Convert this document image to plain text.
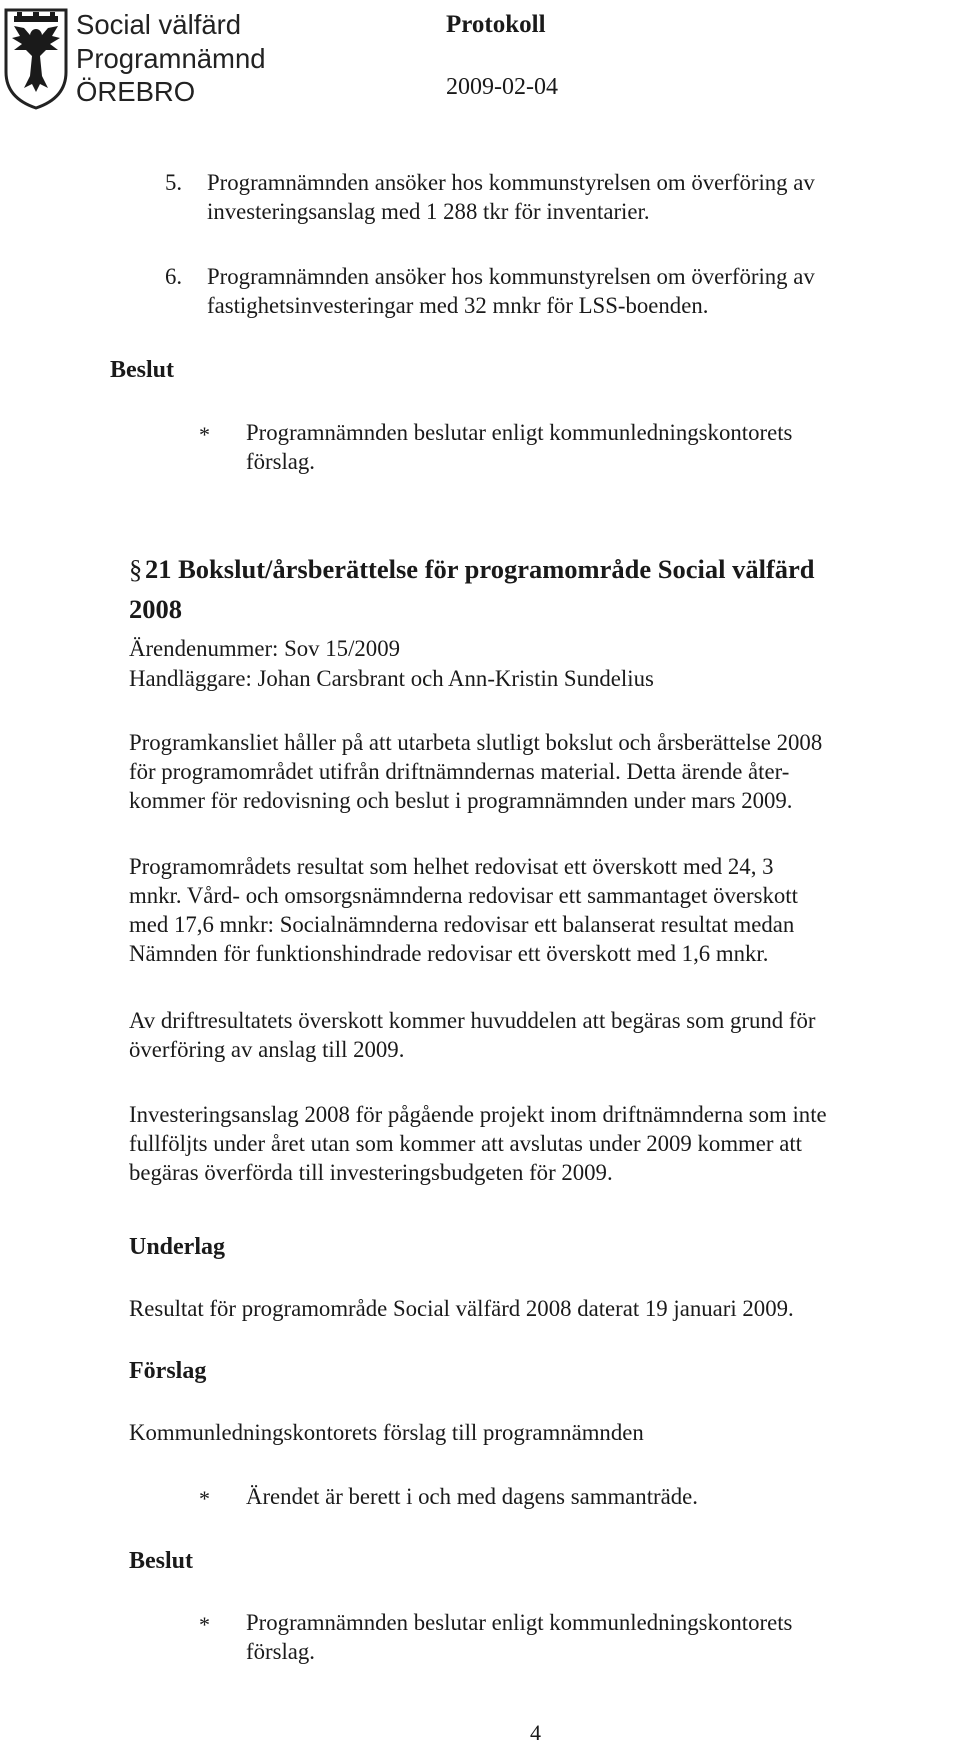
Social välfärd
Programnämnd
ÖREBRO
Protokoll
2009-02-04
5. Programnämnden ansöker hos kommunstyrelsen om överföring av
investeringsanslag med 1 288 tkr för inventarier.
6. Programnämnden ansöker hos kommunstyrelsen om överföring av
fastighetsinvesteringar med 32 mnkr för LSS-boenden.
Beslut
* Programnämnden beslutar enligt kommunledningskontorets
förslag.
§ 21 Bokslut/årsberättelse för programområde Social välfärd
2008
Ärendenummer: Sov 15/2009
Handläggare: Johan Carsbrant och Ann-Kristin Sundelius
Programkansliet håller på att utarbeta slutligt bokslut och årsberättelse 2008
för programområdet utifrån driftnämndernas material. Detta ärende åter-
kommer för redovisning och beslut i programnämnden under mars 2009.
Programområdets resultat som helhet redovisat ett överskott med 24, 3
mnkr. Vård- och omsorgsnämnderna redovisar ett sammantaget överskott
med 17,6 mnkr: Socialnämnderna redovisar ett balanserat resultat medan
Nämnden för funktionshindrade redovisar ett överskott med 1,6 mnkr.
Av driftresultatets överskott kommer huvuddelen att begäras som grund för
överföring av anslag till 2009.
Investeringsanslag 2008 för pågående projekt inom driftnämnderna som inte
fullföljts under året utan som kommer att avslutas under 2009 kommer att
begäras överförda till investeringsbudgeten för 2009.
Underlag
Resultat för programområde Social välfärd 2008 daterat 19 januari 2009.
Förslag
Kommunledningskontorets förslag till programnämnden
* Ärendet är berett i och med dagens sammanträde.
Beslut
* Programnämnden beslutar enligt kommunledningskontorets
förslag.
4
